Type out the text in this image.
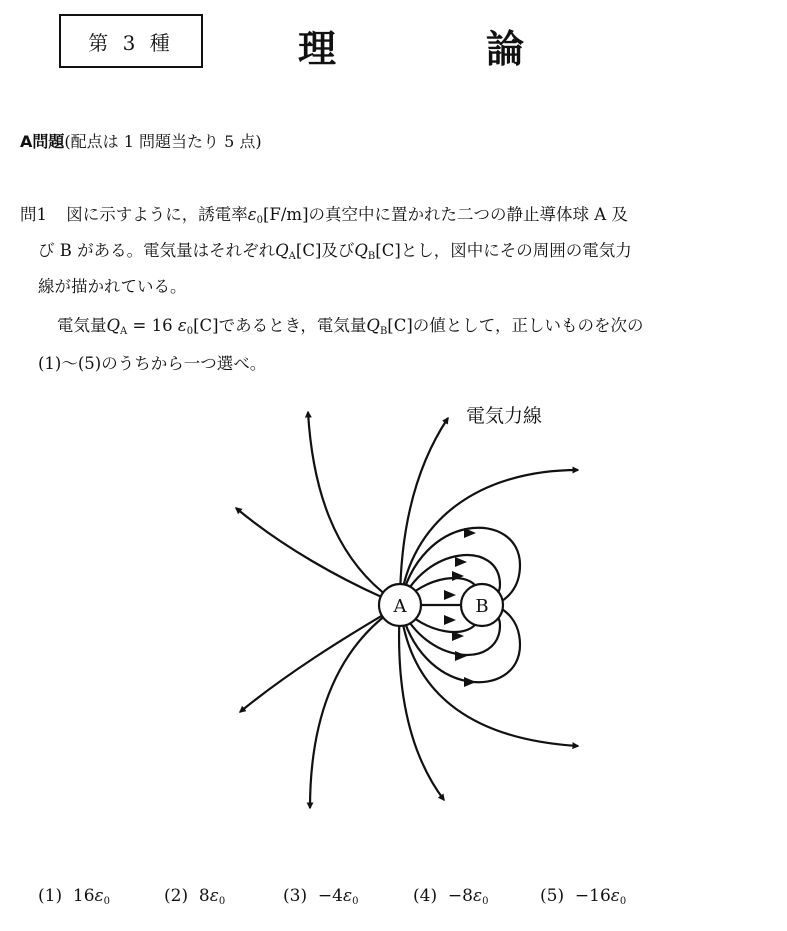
第 3 種	理	論
A問題(配点は 1 問題当たり 5 点)
問1 図に示すように，誘電率$\varepsilon_0[F/m]$の真空中に置かれた二つの静止導体球 A 及
び B がある。電気量はそれぞれ$Q_A[C]$及び$Q_B[C]$とし，図中にその周囲の電気力
線が描かれている。
電気量$Q_A = 16$ $\varepsilon_0[C]$であるとき，電気量$Q_B[C]$の値として，正しいものを次の
(1)～(5)のうちから一つ選べ。
A	B
電気力線
(1) $16\varepsilon_0$	(2) $8\varepsilon_0$	$(3) -4\varepsilon_0$	$(4) -8\varepsilon_0$	$(5) -16\varepsilon_0$
